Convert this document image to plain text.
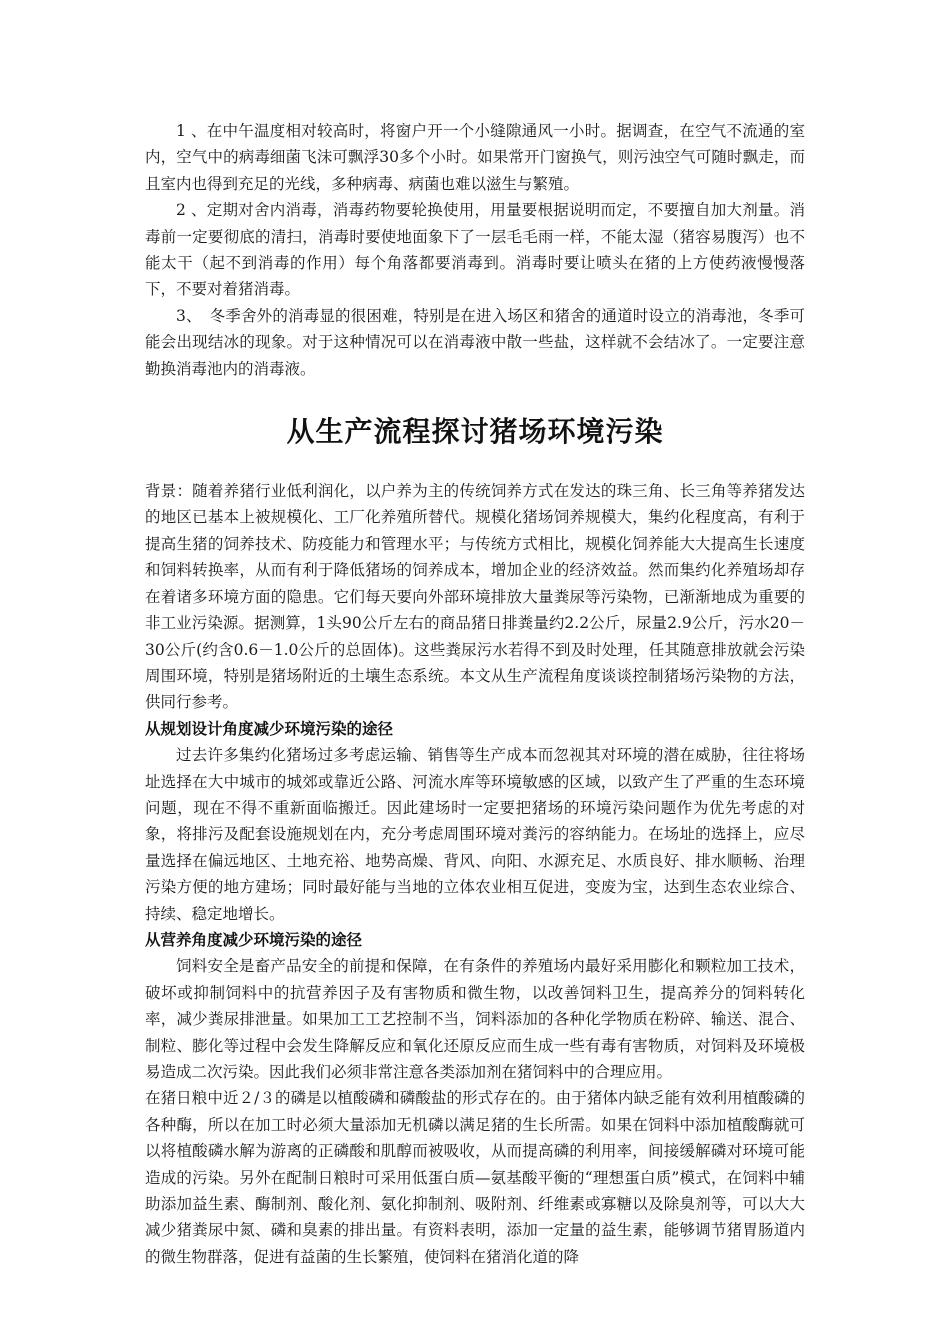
1 、在中午温度相对较高时，将窗户开一个小缝隙通风一小时。据调查，在空气不流通的室内，空气中的病毒细菌飞沫可飘浮30多个小时。如果常开门窗换气，则污浊空气可随时飘走，而且室内也得到充足的光线，多种病毒、病菌也难以滋生与繁殖。

2 、定期对舍内消毒，消毒药物要轮换使用，用量要根据说明而定，不要擅自加大剂量。消毒前一定要彻底的清扫，消毒时要使地面象下了一层毛毛雨一样，不能太湿（猪容易腹泻）也不能太干（起不到消毒的作用）每个角落都要消毒到。消毒时要让喷头在猪的上方使药液慢慢落下，不要对着猪消毒。

3、　冬季舍外的消毒显的很困难，特别是在进入场区和猪舍的通道时设立的消毒池，冬季可能会出现结冰的现象。对于这种情况可以在消毒液中散一些盐，这样就不会结冰了。一定要注意勤换消毒池内的消毒液。

从生产流程探讨猪场环境污染

背景：随着养猪行业低利润化，以户养为主的传统饲养方式在发达的珠三角、长三角等养猪发达的地区已基本上被规模化、工厂化养殖所替代。规模化猪场饲养规模大，集约化程度高，有利于提高生猪的饲养技术、防疫能力和管理水平；与传统方式相比，规模化饲养能大大提高生长速度和饲料转换率，从而有利于降低猪场的饲养成本，增加企业的经济效益。然而集约化养殖场却存在着诸多环境方面的隐患。它们每天要向外部环境排放大量粪尿等污染物，已渐渐地成为重要的非工业污染源。据测算，1头90公斤左右的商品猪日排粪量约2.2公斤，尿量2.9公斤，污水20－30公斤(约含0.6－1.0公斤的总固体)。这些粪尿污水若得不到及时处理，任其随意排放就会污染周围环境，特别是猪场附近的土壤生态系统。本文从生产流程角度谈谈控制猪场污染物的方法，供同行参考。

从规划设计角度减少环境污染的途径

过去许多集约化猪场过多考虑运输、销售等生产成本而忽视其对环境的潜在威胁，往往将场址选择在大中城市的城郊或靠近公路、河流水库等环境敏感的区域，以致产生了严重的生态环境问题，现在不得不重新面临搬迁。因此建场时一定要把猪场的环境污染问题作为优先考虑的对象，将排污及配套设施规划在内，充分考虑周围环境对粪污的容纳能力。在场址的选择上，应尽量选择在偏远地区、土地充裕、地势高燥、背风、向阳、水源充足、水质良好、排水顺畅、治理污染方便的地方建场；同时最好能与当地的立体农业相互促进，变废为宝，达到生态农业综合、持续、稳定地增长。

从营养角度减少环境污染的途径

饲料安全是畜产品安全的前提和保障，在有条件的养殖场内最好采用膨化和颗粒加工技术，破坏或抑制饲料中的抗营养因子及有害物质和微生物，以改善饲料卫生，提高养分的饲料转化率，减少粪尿排泄量。如果加工工艺控制不当，饲料添加的各种化学物质在粉碎、输送、混合、制粒、膨化等过程中会发生降解反应和氧化还原反应而生成一些有毒有害物质，对饲料及环境极易造成二次污染。因此我们必须非常注意各类添加剂在猪饲料中的合理应用。

在猪日粮中近２/３的磷是以植酸磷和磷酸盐的形式存在的。由于猪体内缺乏能有效利用植酸磷的各种酶，所以在加工时必须大量添加无机磷以满足猪的生长所需。如果在饲料中添加植酸酶就可以将植酸磷水解为游离的正磷酸和肌醇而被吸收，从而提高磷的利用率，间接缓解磷对环境可能造成的污染。另外在配制日粮时可采用低蛋白质—氨基酸平衡的“理想蛋白质”模式，在饲料中辅助添加益生素、酶制剂、酸化剂、氨化抑制剂、吸附剂、纤维素或寡糖以及除臭剂等，可以大大减少猪粪尿中氮、磷和臭素的排出量。有资料表明，添加一定量的益生素，能够调节猪胃肠道内的微生物群落，促进有益菌的生长繁殖，使饲料在猪消化道的降
